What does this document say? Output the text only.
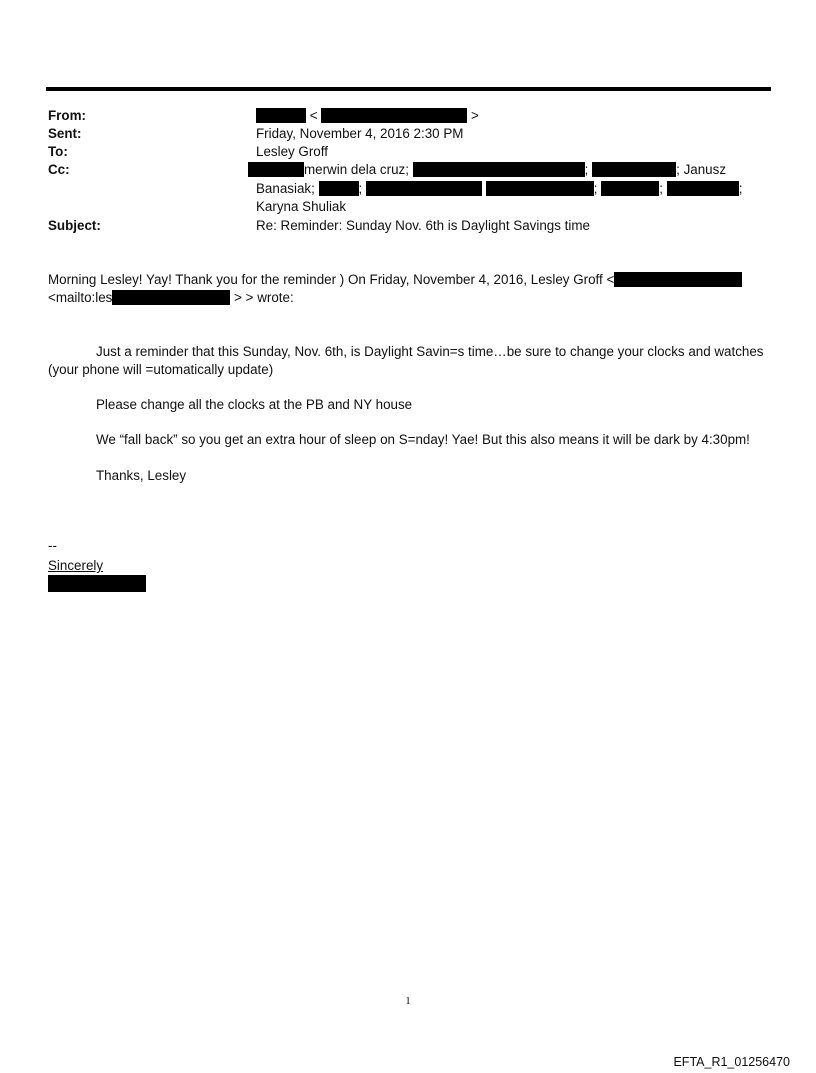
From:	<	>
Sent:	Friday, November 4, 2016 2:30 PM
To:	Lesley Groff
Cc:	merwin dela cruz;	;	; Janusz
Banasiak;	;	;	;	;
Karyna Shuliak
Subject:	Re: Reminder: Sunday Nov. 6th is Daylight Savings time
Morning Lesley! Yay! Thank you for the reminder ) On Friday, November 4, 2016, Lesley Groff <
<mailto:les	> > wrote:
Just a reminder that this Sunday, Nov. 6th, is Daylight Savin=s time…be sure to change your clocks and watches
(your phone will =utomatically update)
Please change all the clocks at the PB and NY house
We “fall back” so you get an extra hour of sleep on S=nday! Yae! But this also means it will be dark by 4:30pm!
Thanks, Lesley
--
Sincerely
1
EFTA_R1_01256470
